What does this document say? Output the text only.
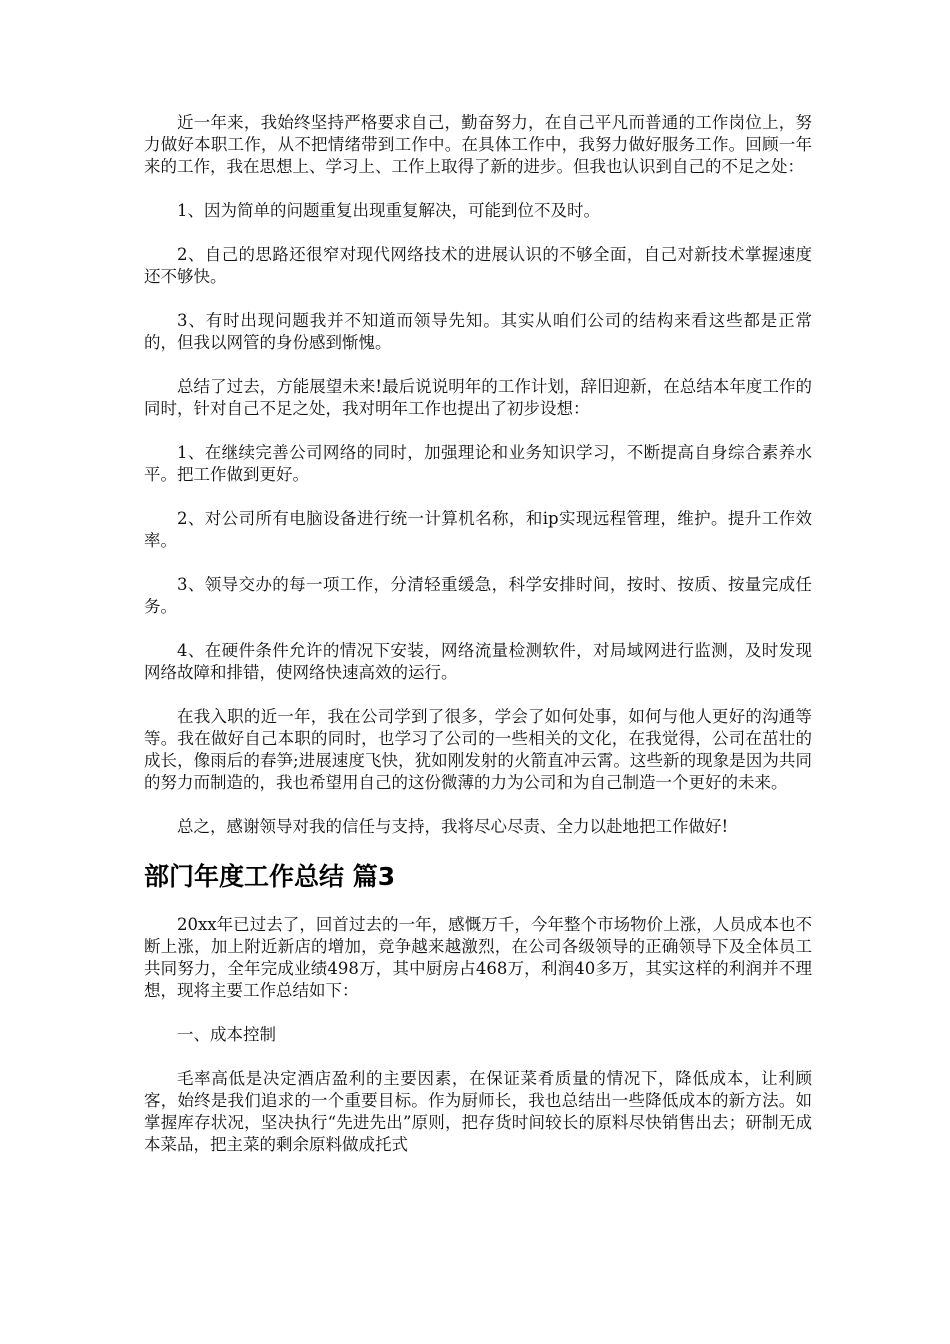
近一年来，我始终坚持严格要求自己，勤奋努力，在自己平凡而普通的工作岗位上，努力做好本职工作，从不把情绪带到工作中。在具体工作中，我努力做好服务工作。回顾一年来的工作，我在思想上、学习上、工作上取得了新的进步。但我也认识到自己的不足之处：

1、因为简单的问题重复出现重复解决，可能到位不及时。

2、自己的思路还很窄对现代网络技术的进展认识的不够全面，自己对新技术掌握速度还不够快。

3、有时出现问题我并不知道而领导先知。其实从咱们公司的结构来看这些都是正常的，但我以网管的身份感到惭愧。

总结了过去，方能展望未来!最后说说明年的工作计划，辞旧迎新，在总结本年度工作的同时，针对自己不足之处，我对明年工作也提出了初步设想：

1、在继续完善公司网络的同时，加强理论和业务知识学习，不断提高自身综合素养水平。把工作做到更好。

2、对公司所有电脑设备进行统一计算机名称，和ip实现远程管理，维护。提升工作效率。

3、领导交办的每一项工作，分清轻重缓急，科学安排时间，按时、按质、按量完成任务。

4、在硬件条件允许的情况下安装，网络流量检测软件，对局域网进行监测，及时发现网络故障和排错，使网络快速高效的运行。

在我入职的近一年，我在公司学到了很多，学会了如何处事，如何与他人更好的沟通等等。我在做好自己本职的同时，也学习了公司的一些相关的文化，在我觉得，公司在茁壮的成长，像雨后的春笋;进展速度飞快，犹如刚发射的火箭直冲云霄。这些新的现象是因为共同的努力而制造的，我也希望用自己的这份微薄的力为公司和为自己制造一个更好的未来。

总之，感谢领导对我的信任与支持，我将尽心尽责、全力以赴地把工作做好!

部门年度工作总结 篇3

20xx年已过去了，回首过去的一年，感慨万千，今年整个市场物价上涨，人员成本也不断上涨，加上附近新店的增加，竞争越来越激烈，在公司各级领导的正确领导下及全体员工共同努力，全年完成业绩498万，其中厨房占468万，利润40多万，其实这样的利润并不理想，现将主要工作总结如下：

一、成本控制

毛率高低是决定酒店盈利的主要因素，在保证菜肴质量的情况下，降低成本，让利顾客，始终是我们追求的一个重要目标。作为厨师长，我也总结出一些降低成本的新方法。如掌握库存状况，坚决执行“先进先出”原则，把存货时间较长的原料尽快销售出去；研制无成本菜品，把主菜的剩余原料做成托式
